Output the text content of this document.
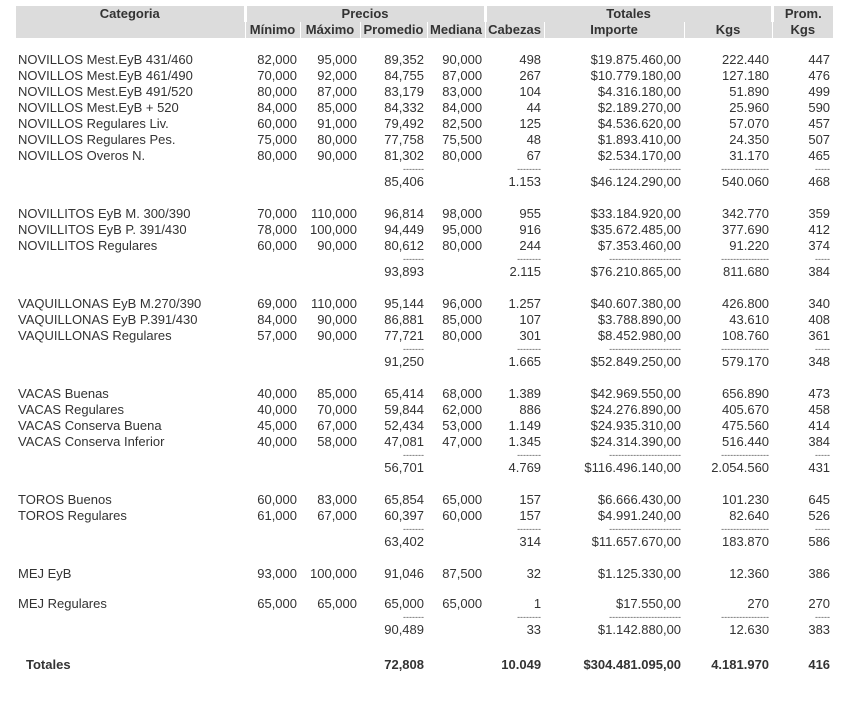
Categoria	Precios				Totales			Prom.
	Mínimo	Máximo	Promedio	Mediana	Cabezas	Importe	Kgs	Kgs

NOVILLOS Mest.EyB 431/460	82,000	95,000	89,352	90,000	498	$19.875.460,00	222.440	447
NOVILLOS Mest.EyB 461/490	70,000	92,000	84,755	87,000	267	$10.779.180,00	127.180	476
NOVILLOS Mest.EyB 491/520	80,000	87,000	83,179	83,000	104	$4.316.180,00	51.890	499
NOVILLOS Mest.EyB + 520	84,000	85,000	84,332	84,000	44	$2.189.270,00	25.960	590
NOVILLOS Regulares Liv.	60,000	91,000	79,492	82,500	125	$4.536.620,00	57.070	457
NOVILLOS Regulares Pes.	75,000	80,000	77,758	75,500	48	$1.893.410,00	24.350	507
NOVILLOS Overos N.	80,000	90,000	81,302	80,000	67	$2.534.170,00	31.170	465
			-------		--------	------------------------	----------------	-----
			85,406		1.153	$46.124.290,00	540.060	468

NOVILLITOS EyB M. 300/390	70,000	110,000	96,814	98,000	955	$33.184.920,00	342.770	359
NOVILLITOS EyB P. 391/430	78,000	100,000	94,449	95,000	916	$35.672.485,00	377.690	412
NOVILLITOS Regulares	60,000	90,000	80,612	80,000	244	$7.353.460,00	91.220	374
			-------		--------	------------------------	----------------	-----
			93,893		2.115	$76.210.865,00	811.680	384

VAQUILLONAS EyB M.270/390	69,000	110,000	95,144	96,000	1.257	$40.607.380,00	426.800	340
VAQUILLONAS EyB P.391/430	84,000	90,000	86,881	85,000	107	$3.788.890,00	43.610	408
VAQUILLONAS Regulares	57,000	90,000	77,721	80,000	301	$8.452.980,00	108.760	361
			-------		--------	------------------------	----------------	-----
			91,250		1.665	$52.849.250,00	579.170	348

VACAS Buenas	40,000	85,000	65,414	68,000	1.389	$42.969.550,00	656.890	473
VACAS Regulares	40,000	70,000	59,844	62,000	886	$24.276.890,00	405.670	458
VACAS Conserva Buena	45,000	67,000	52,434	53,000	1.149	$24.935.310,00	475.560	414
VACAS Conserva Inferior	40,000	58,000	47,081	47,000	1.345	$24.314.390,00	516.440	384
			-------		--------	------------------------	----------------	-----
			56,701		4.769	$116.496.140,00	2.054.560	431

TOROS Buenos	60,000	83,000	65,854	65,000	157	$6.666.430,00	101.230	645
TOROS Regulares	61,000	67,000	60,397	60,000	157	$4.991.240,00	82.640	526
			-------		--------	------------------------	----------------	-----
			63,402		314	$11.657.670,00	183.870	586

MEJ EyB	93,000	100,000	91,046	87,500	32	$1.125.330,00	12.360	386

MEJ Regulares	65,000	65,000	65,000	65,000	1	$17.550,00	270	270
			-------		--------	------------------------	----------------	-----
			90,489		33	$1.142.880,00	12.630	383

Totales			72,808		10.049	$304.481.095,00	4.181.970	416
